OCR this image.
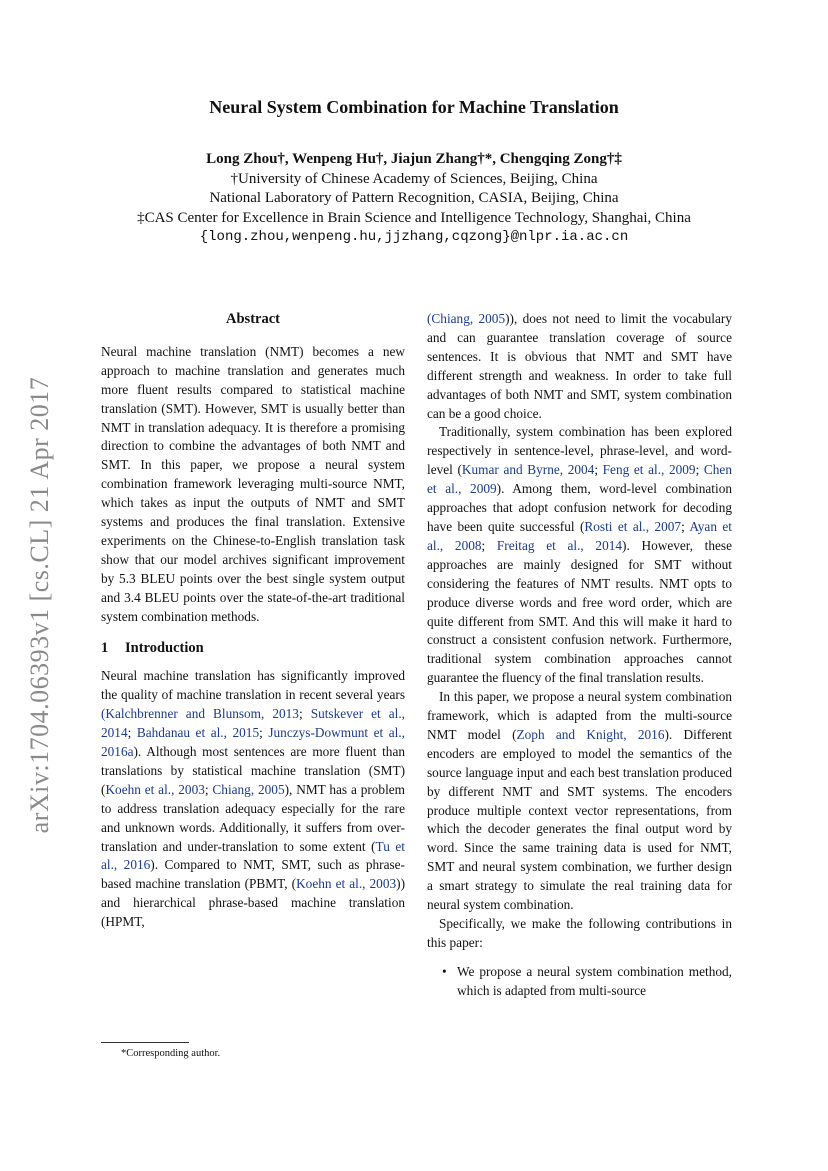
arXiv:1704.06393v1 [cs.CL] 21 Apr 2017
Neural System Combination for Machine Translation
Long Zhou†, Wenpeng Hu†, Jiajun Zhang†*, Chengqing Zong†‡
†University of Chinese Academy of Sciences, Beijing, China
National Laboratory of Pattern Recognition, CASIA, Beijing, China
‡CAS Center for Excellence in Brain Science and Intelligence Technology, Shanghai, China
{long.zhou,wenpeng.hu,jjzhang,cqzong}@nlpr.ia.ac.cn
Abstract

Neural machine translation (NMT) becomes a new approach to machine translation and generates much more fluent results compared to statistical machine translation (SMT). However, SMT is usually better than NMT in translation adequacy. It is therefore a promising direction to combine the advantages of both NMT and SMT. In this paper, we propose a neural system combination framework leveraging multi-source NMT, which takes as input the outputs of NMT and SMT systems and produces the final translation. Extensive experiments on the Chinese-to-English translation task show that our model archives significant improvement by 5.3 BLEU points over the best single system output and 3.4 BLEU points over the state-of-the-art traditional system combination methods.

1 Introduction

Neural machine translation has significantly improved the quality of machine translation in recent several years (Kalchbrenner and Blunsom, 2013; Sutskever et al., 2014; Bahdanau et al., 2015; Junczys-Dowmunt et al., 2016a). Although most sentences are more fluent than translations by statistical machine translation (SMT) (Koehn et al., 2003; Chiang, 2005), NMT has a problem to address translation adequacy especially for the rare and unknown words. Additionally, it suffers from over-translation and under-translation to some extent (Tu et al., 2016). Compared to NMT, SMT, such as phrase-based machine translation (PBMT, (Koehn et al., 2003)) and hierarchical phrase-based machine translation (HPMT,

*Corresponding author.

(Chiang, 2005)), does not need to limit the vocabulary and can guarantee translation coverage of source sentences. It is obvious that NMT and SMT have different strength and weakness. In order to take full advantages of both NMT and SMT, system combination can be a good choice.

Traditionally, system combination has been explored respectively in sentence-level, phrase-level, and word-level (Kumar and Byrne, 2004; Feng et al., 2009; Chen et al., 2009). Among them, word-level combination approaches that adopt confusion network for decoding have been quite successful (Rosti et al., 2007; Ayan et al., 2008; Freitag et al., 2014). However, these approaches are mainly designed for SMT without considering the features of NMT results. NMT opts to produce diverse words and free word order, which are quite different from SMT. And this will make it hard to construct a consistent confusion network. Furthermore, traditional system combination approaches cannot guarantee the fluency of the final translation results.

In this paper, we propose a neural system combination framework, which is adapted from the multi-source NMT model (Zoph and Knight, 2016). Different encoders are employed to model the semantics of the source language input and each best translation produced by different NMT and SMT systems. The encoders produce multiple context vector representations, from which the decoder generates the final output word by word. Since the same training data is used for NMT, SMT and neural system combination, we further design a smart strategy to simulate the real training data for neural system combination.

Specifically, we make the following contributions in this paper:

• We propose a neural system combination method, which is adapted from multi-source
